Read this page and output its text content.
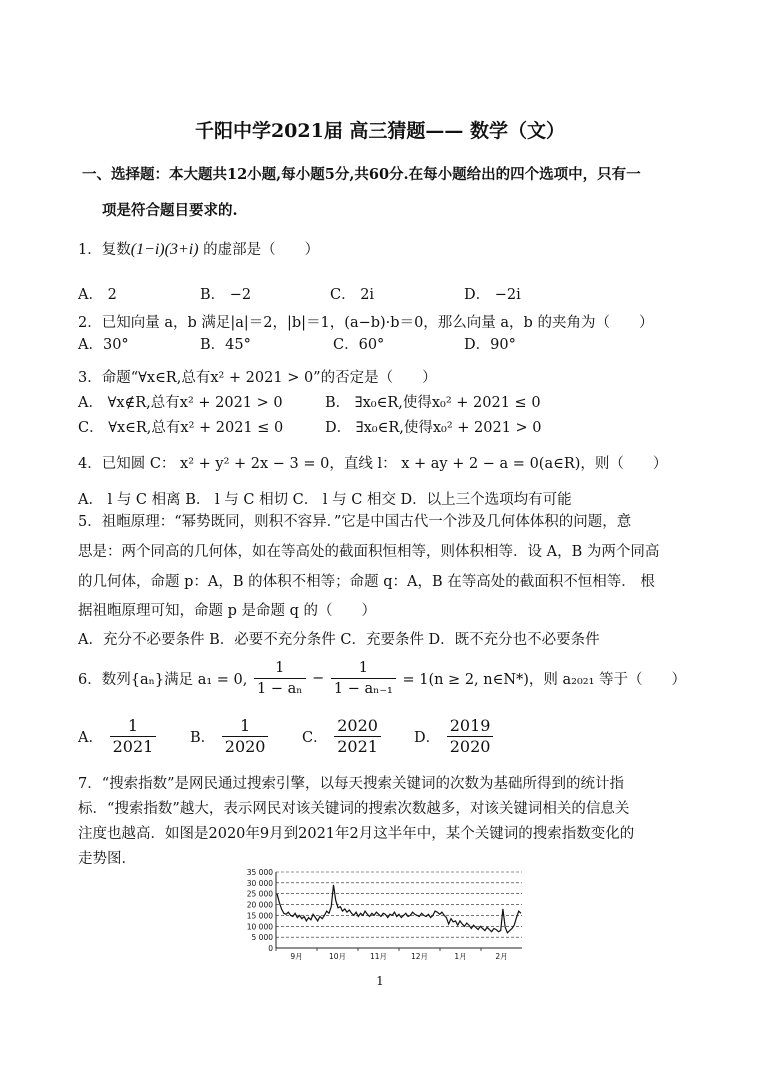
千阳中学2021届 高三猜题—— 数学（文）
一、选择题：本大题共12小题,每小题5分,共60分.在每小题给出的四个选项中，只有一
项是符合题目要求的.
1．复数(1−i)(3+i) 的虚部是（　　）
A． 2	B． −2	C． 2i	D． −2i
2．已知向量 a，b 满足|a|＝2，|b|＝1，(a−b)·b＝0，那么向量 a，b 的夹角为（　　）
A．30°	B．45°	C．60°	D．90°
3．命题“∀x∈R,总有x² + 2021 > 0”的否定是（　　）
A． ∀x∉R,总有x² + 2021 > 0	B． ∃x₀∈R,使得x₀² + 2021 ≤ 0
C． ∀x∈R,总有x² + 2021 ≤ 0	D． ∃x₀∈R,使得x₀² + 2021 > 0
4．已知圆 C： x² + y² + 2x − 3 = 0，直线 l： x + ay + 2 − a = 0(a∈R)，则（　　）
A． l 与 C 相离 B． l 与 C 相切 C． l 与 C 相交 D．以上三个选项均有可能
5．祖暅原理：“幂势既同，则积不容异．”它是中国古代一个涉及几何体体积的问题，意
思是：两个同高的几何体，如在等高处的截面积恒相等，则体积相等．设 A，B 为两个同高
的几何体，命题 p：A，B 的体积不相等；命题 q：A，B 在等高处的截面积不恒相等． 根
据祖暅原理可知，命题 p 是命题 q 的（　　）
A．充分不必要条件 B．必要不充分条件 C．充要条件 D．既不充分也不必要条件
6．数列{aₙ}满足 a₁ = 0, $\frac{1}{\text{1 − aₙ}} - \frac{1}{\text{1 − aₙ₋₁}} = 1(n \ge 2$, n∈N*)，则 a₂₀₂₁ 等于（　　）
A． $\frac{1}{2021}$ B． $\frac{1}{2020}$ C． $\frac{2020}{2021}$ D． $\frac{2019}{2020}$
7．“搜索指数”是网民通过搜索引擎，以每天搜索关键词的次数为基础所得到的统计指
标．“搜索指数”越大，表示网民对该关键词的搜索次数越多，对该关键词相关的信息关
注度也越高．如图是2020年9月到2021年2月这半年中，某个关键词的搜索指数变化的
走势图．
0
5 000
10 000
15 000
20 000
25 000
30 000
35 000
9月	10月	11月	12月	1月	2月
1
